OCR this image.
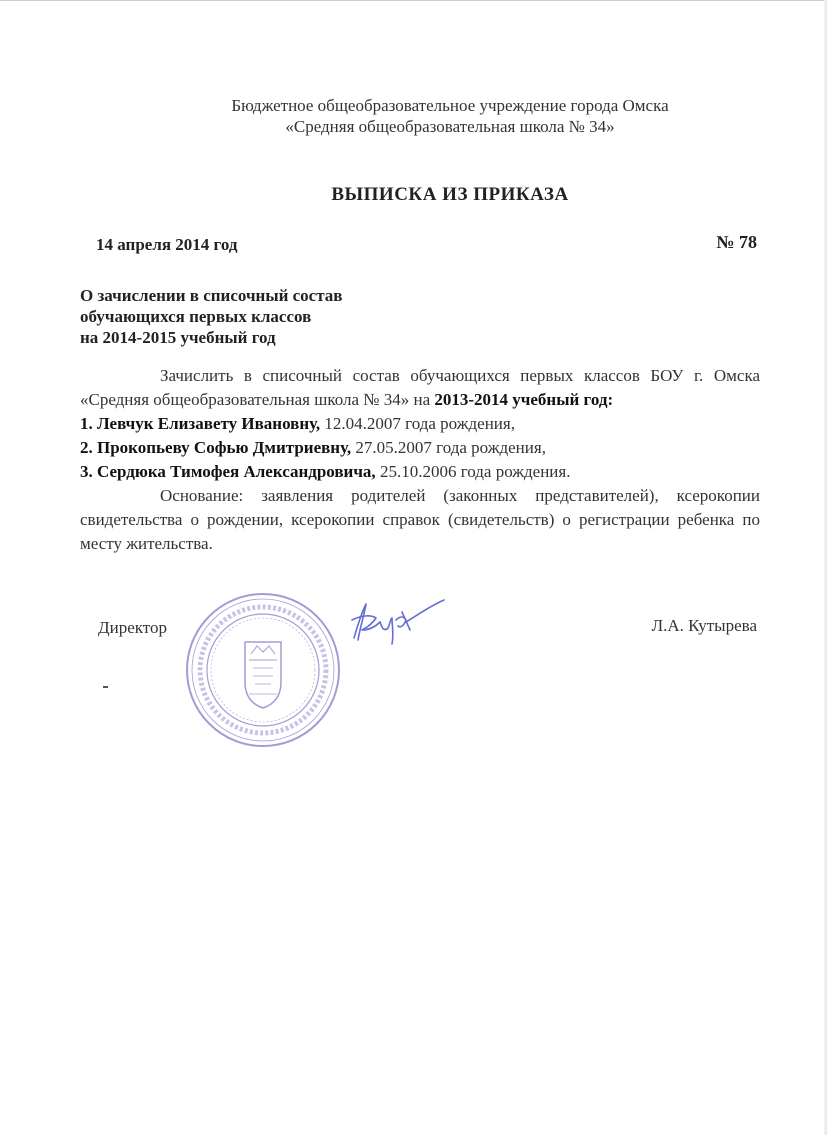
Бюджетное общеобразовательное учреждение города Омска
«Средняя общеобразовательная школа № 34»
ВЫПИСКА ИЗ ПРИКАЗА
14 апреля 2014 год	№ 78
О зачислении в списочный состав
обучающихся первых классов
на 2014-2015 учебный год

Зачислить в списочный состав обучающихся первых классов БОУ г. Омска «Средняя общеобразовательная школа № 34» на 2013-2014 учебный год:

1. Левчук Елизавету Ивановну, 12.04.2007 года рождения,

2. Прокопьеву Софью Дмитриевну, 27.05.2007 года рождения,

3. Сердюка Тимофея Александровича, 25.10.2006 года рождения.

Основание: заявления родителей (законных представителей), ксерокопии свидетельства о рождении, ксерокопии справок (свидетельств) о регистрации ребенка по месту жительства.

Директор	Л.А. Кутырева
